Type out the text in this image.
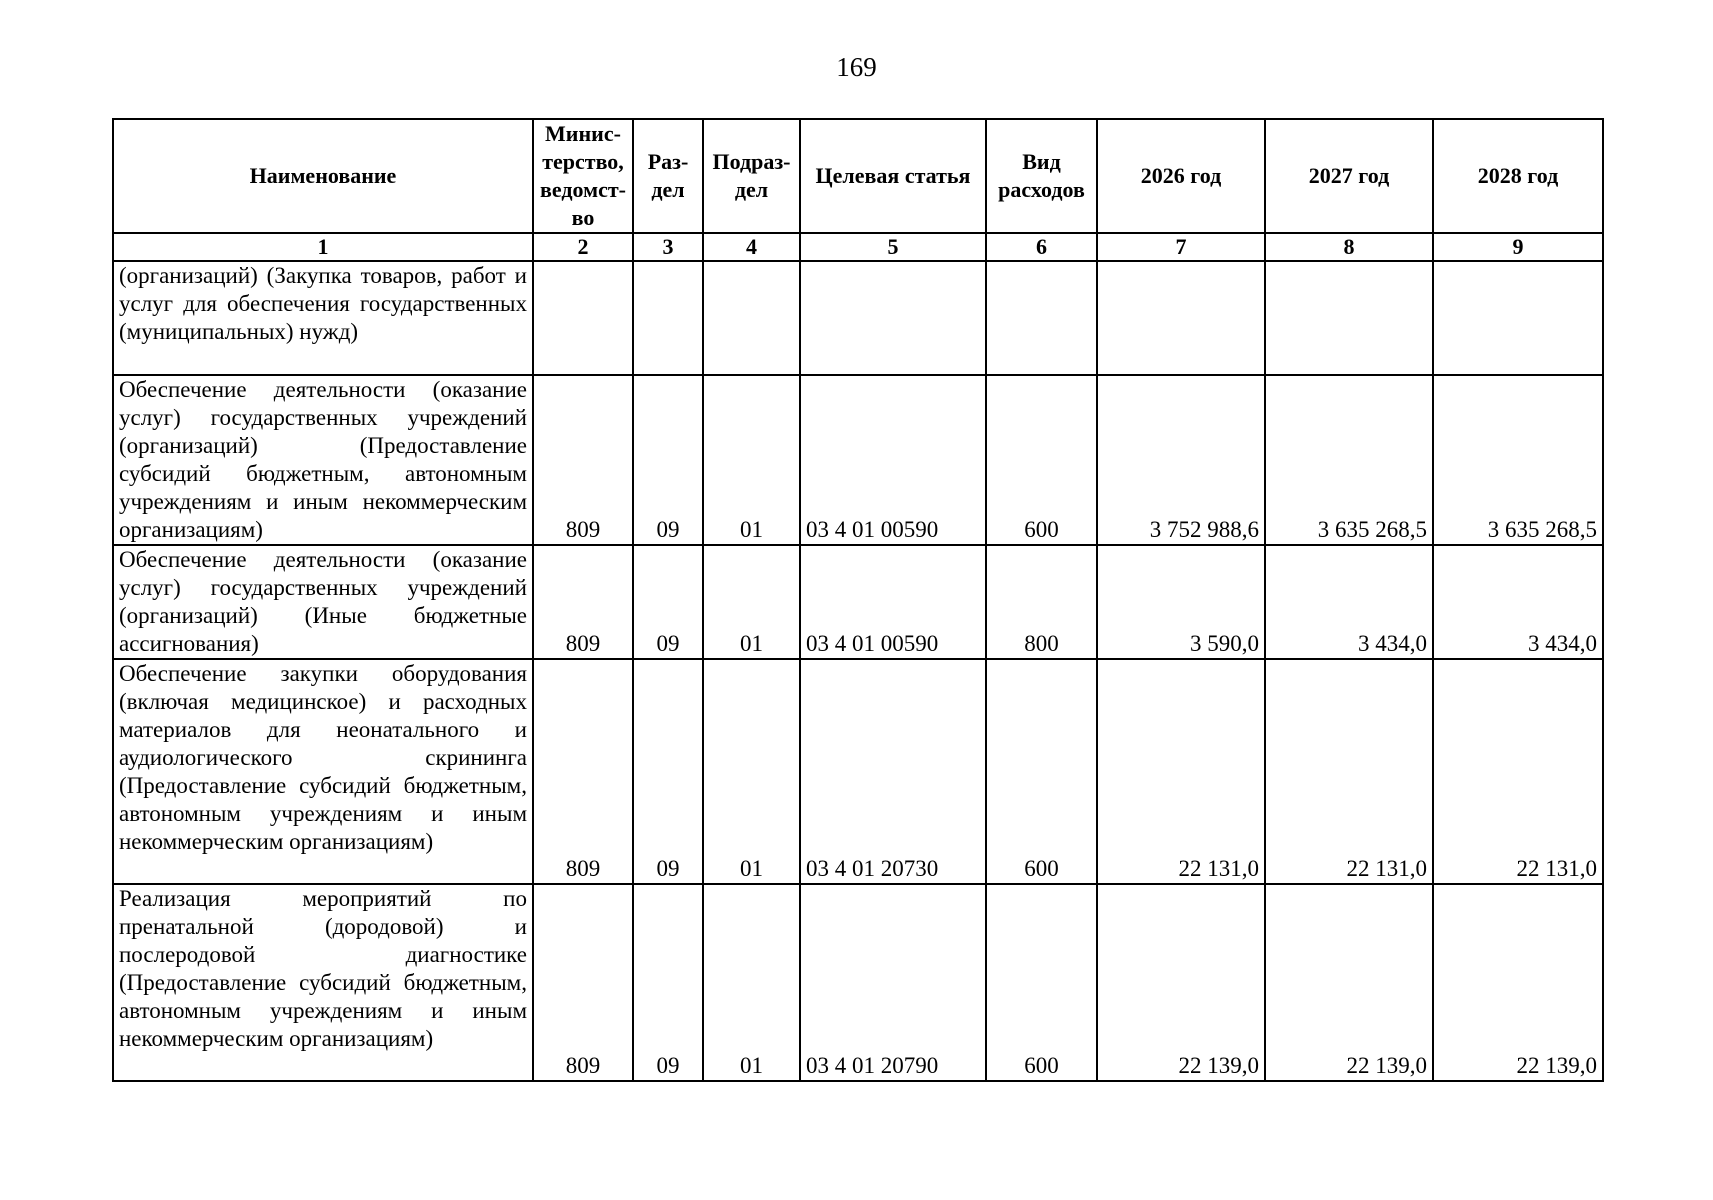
169
Наименование	Минис-терство, ведомст-во	Раз-дел	Подраз-дел	Целевая статья	Вид расходов	2026 год	2027 год	2028 год
1	2	3	4	5	6	7	8	9
(организаций) (Закупка товаров, работ и услуг для обеспечения государственных (муниципальных) нужд)								
Обеспечение деятельности (оказание услуг) государственных учреждений (организаций) (Предоставление субсидий бюджетным, автономным учреждениям и иным некоммерческим организациям)	809	09	01	03 4 01 00590	600	3 752 988,6	3 635 268,5	3 635 268,5
Обеспечение деятельности (оказание услуг) государственных учреждений (организаций) (Иные бюджетные ассигнования)	809	09	01	03 4 01 00590	800	3 590,0	3 434,0	3 434,0
Обеспечение закупки оборудования (включая медицинское) и расходных материалов для неонатального и аудиологического скрининга (Предоставление субсидий бюджетным, автономным учреждениям и иным некоммерческим организациям)	809	09	01	03 4 01 20730	600	22 131,0	22 131,0	22 131,0
Реализация мероприятий по пренатальной (дородовой) и послеродовой диагностике (Предоставление субсидий бюджетным, автономным учреждениям и иным некоммерческим организациям)	809	09	01	03 4 01 20790	600	22 139,0	22 139,0	22 139,0
